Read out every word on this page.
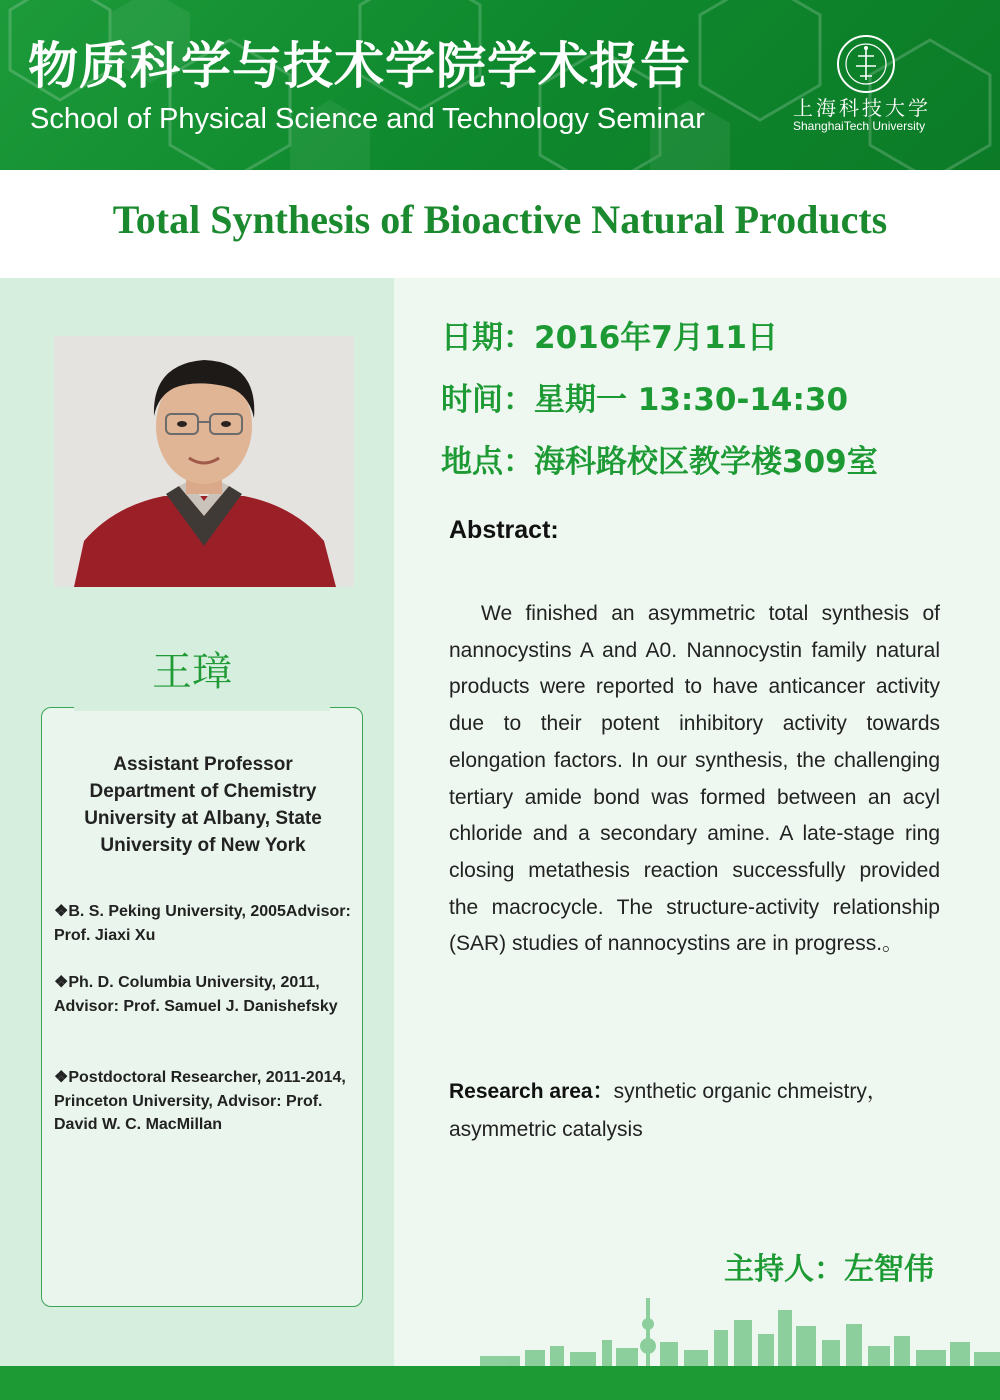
物质科学与技术学院学术报告
School of Physical Science and Technology Seminar	上海科技大学
ShanghaiTech University
Total Synthesis of Bioactive Natural Products
王璋
Assistant Professor
Department of Chemistry
University at Albany, State
University of New York
❖B. S. Peking University, 2005Advisor: Prof. Jiaxi Xu
❖Ph. D. Columbia University, 2011, Advisor: Prof. Samuel J. Danishefsky
❖Postdoctoral Researcher, 2011-2014, Princeton University, Advisor: Prof. David W. C. MacMillan
日期：2016年7月11日
时间：星期一 13:30-14:30
地点：海科路校区教学楼309室
Abstract:
We finished an asymmetric total synthesis of nannocystins A and A0. Nannocystin family natural products were reported to have anticancer activity due to their potent inhibitory activity towards elongation factors. In our synthesis, the challenging tertiary amide bond was formed between an acyl chloride and a secondary amine. A late-stage ring closing metathesis reaction successfully provided the macrocycle. The structure-activity relationship (SAR) studies of nannocystins are in progress.。
Research area：synthetic organic chmeistry，asymmetric catalysis
主持人：左智伟
